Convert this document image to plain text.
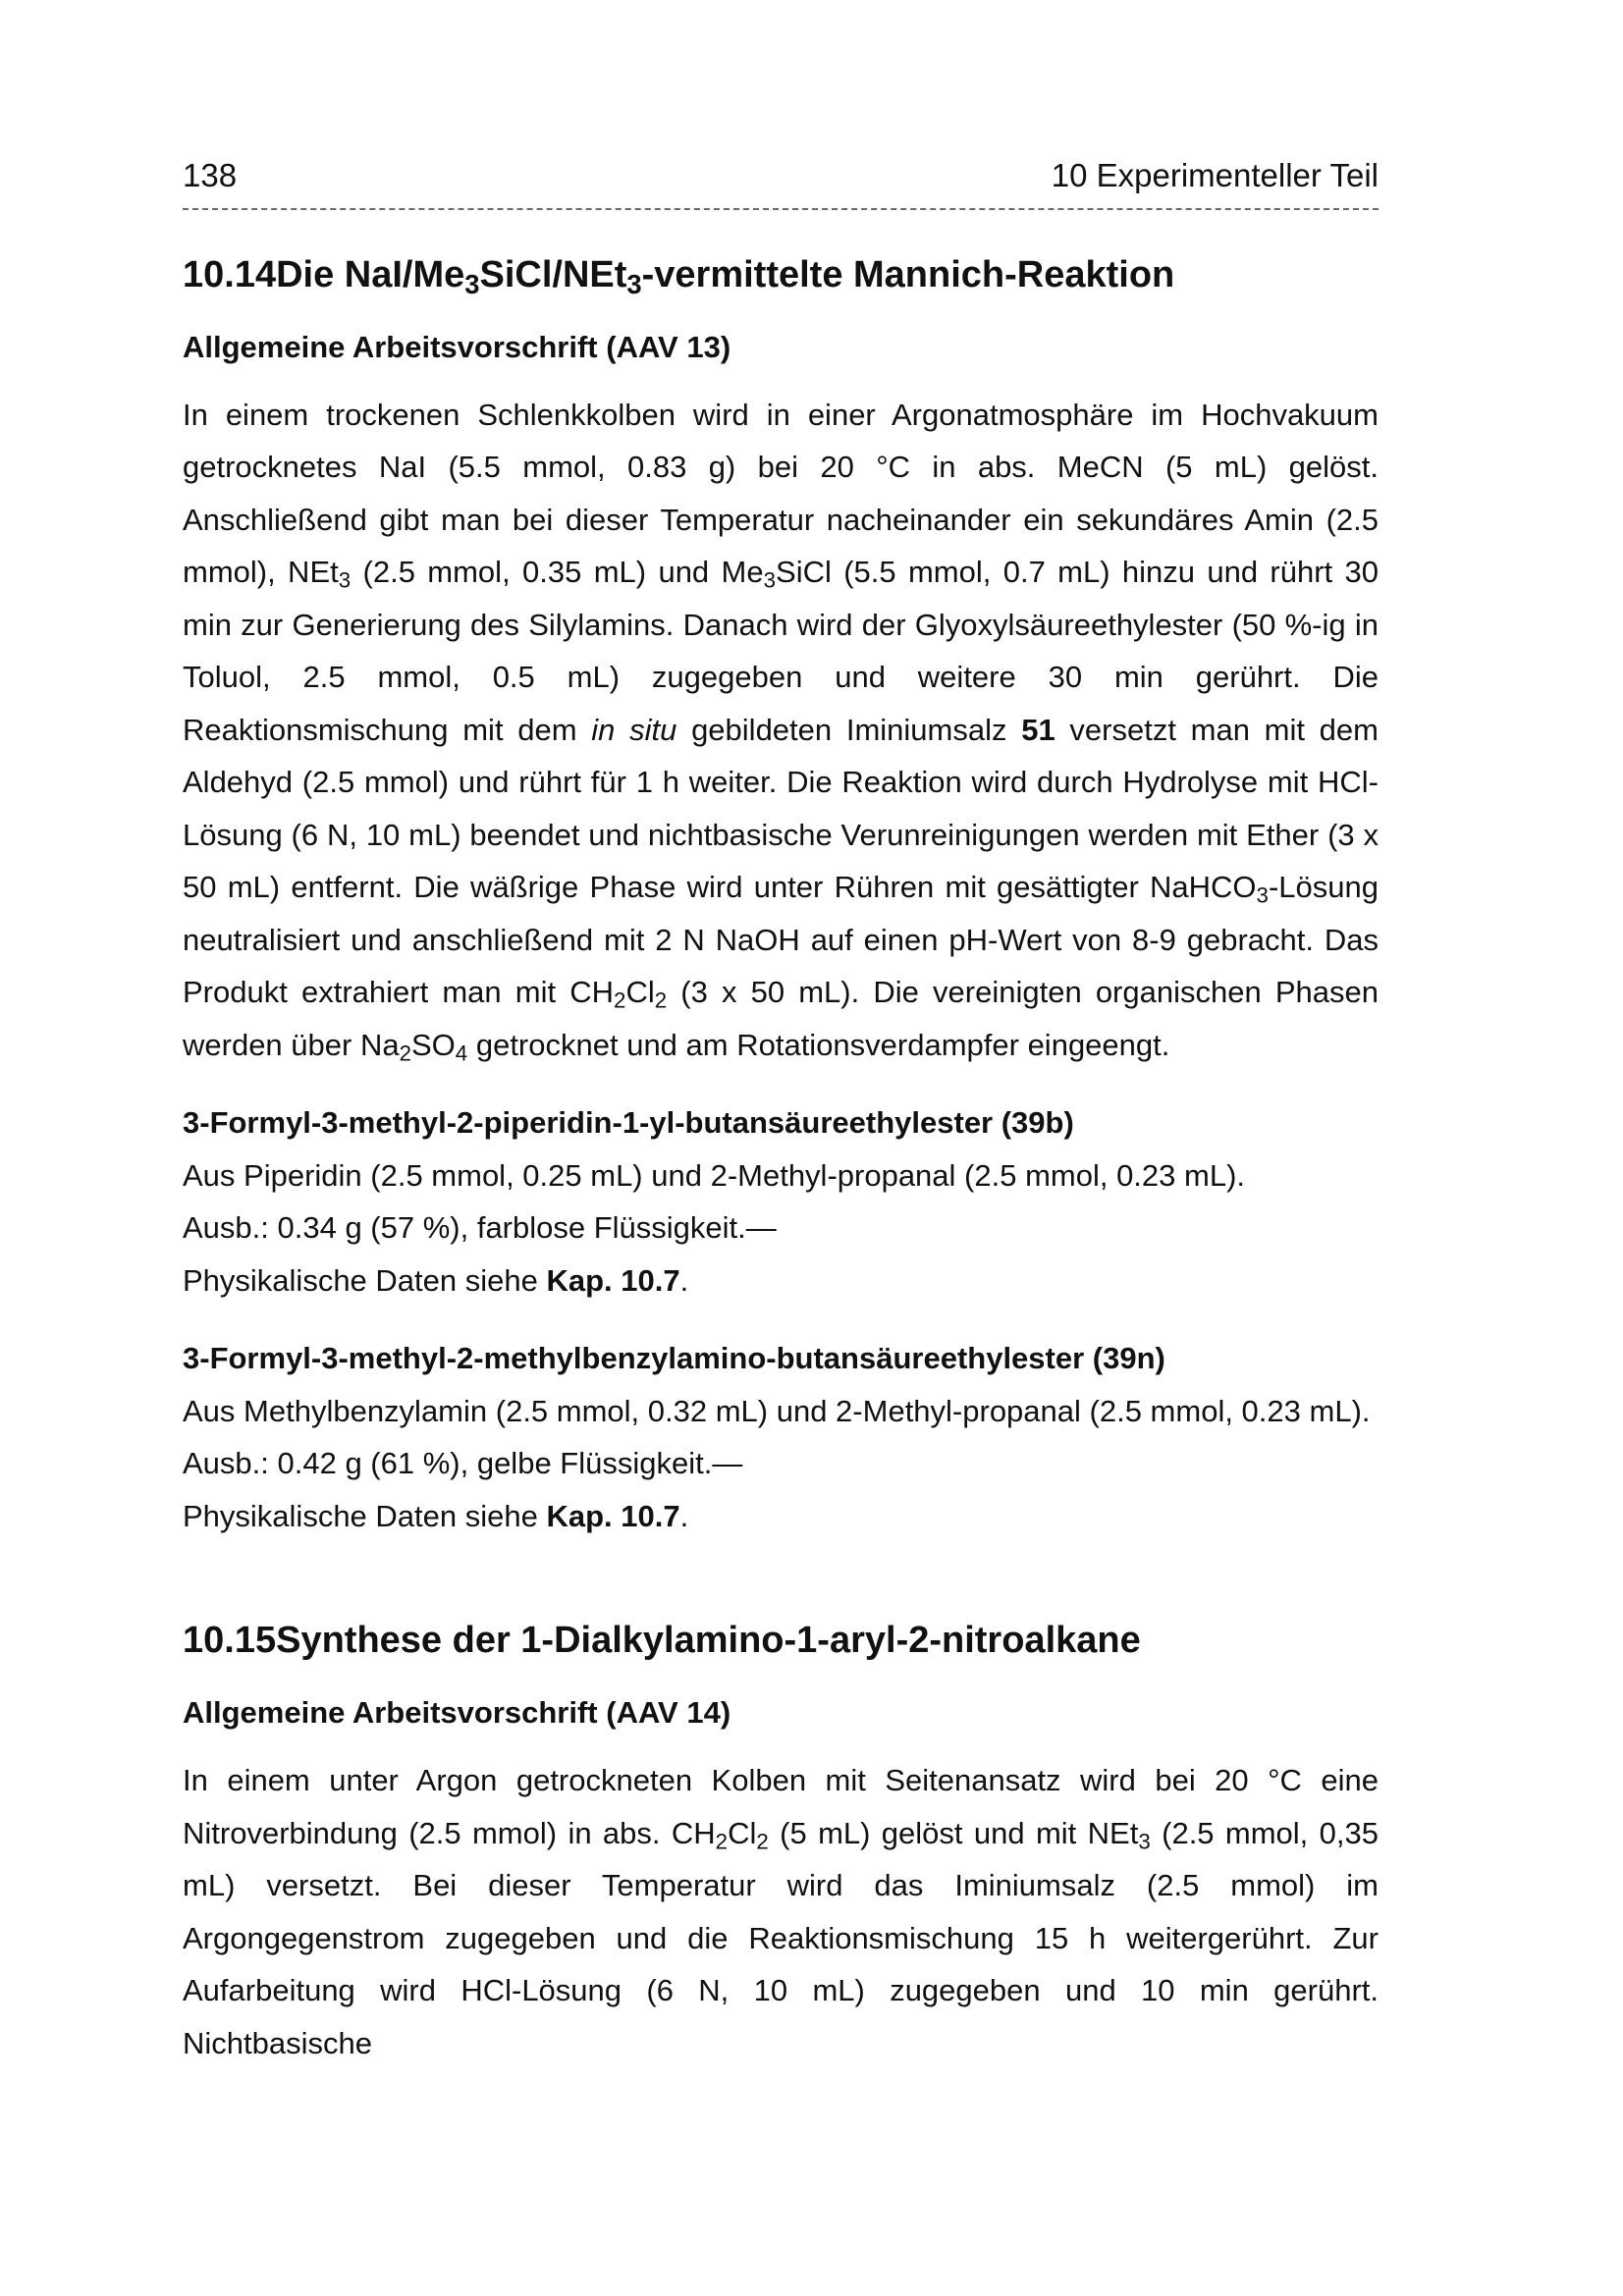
138	10 Experimenteller Teil
10.14Die NaI/$Me_3SiCl/NEt_3$-vermittelte Mannich-Reaktion
Allgemeine Arbeitsvorschrift (AAV 13)

In einem trockenen Schlenkkolben wird in einer Argonatmosphäre im Hochvakuum getrocknetes NaI (5.5 mmol, 0.83 g) bei 20 °C in abs. MeCN (5 mL) gelöst. Anschließend gibt man bei dieser Temperatur nacheinander ein sekundäres Amin (2.5 mmol), NEt$_3$ (2.5 mmol, 0.35 mL) und $Me_3SiCl$ (5.5 mmol, 0.7 mL) hinzu und rührt 30 min zur Generierung des Silylamins. Danach wird der Glyoxylsäureethylester (50 %-ig in Toluol, 2.5 mmol, 0.5 mL) zugegeben und weitere 30 min gerührt. Die Reaktionsmischung mit dem in situ gebildeten Iminiumsalz 51 versetzt man mit dem Aldehyd (2.5 mmol) und rührt für 1 h weiter. Die Reaktion wird durch Hydrolyse mit HCl-Lösung (6 N, 10 mL) beendet und nichtbasische Verunreinigungen werden mit Ether (3 x 50 mL) entfernt. Die wäßrige Phase wird unter Rühren mit gesättigter NaHCO$_3$-Lösung neutralisiert und anschließend mit 2 N NaOH auf einen pH-Wert von 8-9 gebracht. Das Produkt extrahiert man mit $CH_2Cl_2$ (3 x 50 mL). Die vereinigten organischen Phasen werden über $Na_2SO_4$ getrocknet und am Rotationsverdampfer eingeengt.

3-Formyl-3-methyl-2-piperidin-1-yl-butansäureethylester (39b)

Aus Piperidin (2.5 mmol, 0.25 mL) und 2-Methyl-propanal (2.5 mmol, 0.23 mL).

Ausb.: 0.34 g (57 %), farblose Flüssigkeit.—

Physikalische Daten siehe Kap. 10.7.

3-Formyl-3-methyl-2-methylbenzylamino-butansäureethylester (39n)

Aus Methylbenzylamin (2.5 mmol, 0.32 mL) und 2-Methyl-propanal (2.5 mmol, 0.23 mL).

Ausb.: 0.42 g (61 %), gelbe Flüssigkeit.—

Physikalische Daten siehe Kap. 10.7.

10.15Synthese der 1-Dialkylamino-1-aryl-2-nitroalkane
Allgemeine Arbeitsvorschrift (AAV 14)

In einem unter Argon getrockneten Kolben mit Seitenansatz wird bei 20 °C eine Nitroverbindung (2.5 mmol) in abs. $CH_2Cl_2$ (5 mL) gelöst und mit NEt$_3$ (2.5 mmol, 0,35 mL) versetzt. Bei dieser Temperatur wird das Iminiumsalz (2.5 mmol) im Argongegenstrom zugegeben und die Reaktionsmischung 15 h weitergerührt. Zur Aufarbeitung wird HCl-Lösung (6 N, 10 mL) zugegeben und 10 min gerührt. Nichtbasische
